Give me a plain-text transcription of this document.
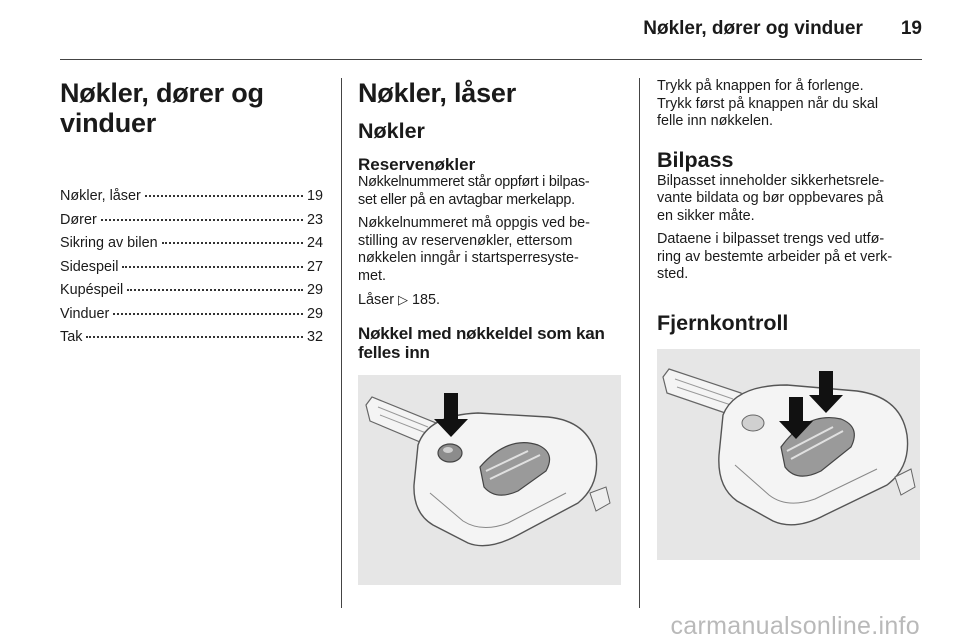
Nøkler, dører og vinduer 19
Nøkler, dører og
vinduer
Nøkler, låser	19
Dører	23
Sikring av bilen	24
Sidespeil	27
Kupéspeil	29
Vinduer	29
Tak	32
Nøkler, låser
Nøkler
Reservenøkler

Nøkkelnummeret står oppført i bilpas-
set eller på en avtagbar merkelapp.

Nøkkelnummeret må oppgis ved be-
stilling av reservenøkler, ettersom
nøkkelen inngår i startsperresyste-
met.

Låser ▷ 185.

Nøkkel med nøkkeldel som kan
felles inn

Trykk på knappen for å forlenge.
Trykk først på knappen når du skal
felle inn nøkkelen.

Bilpass

Bilpasset inneholder sikkerhetsrele-
vante bildata og bør oppbevares på
en sikker måte.

Dataene i bilpasset trengs ved utfø-
ring av bestemte arbeider på et verk-
sted.

Fjernkontroll
carmanualsonline.info
